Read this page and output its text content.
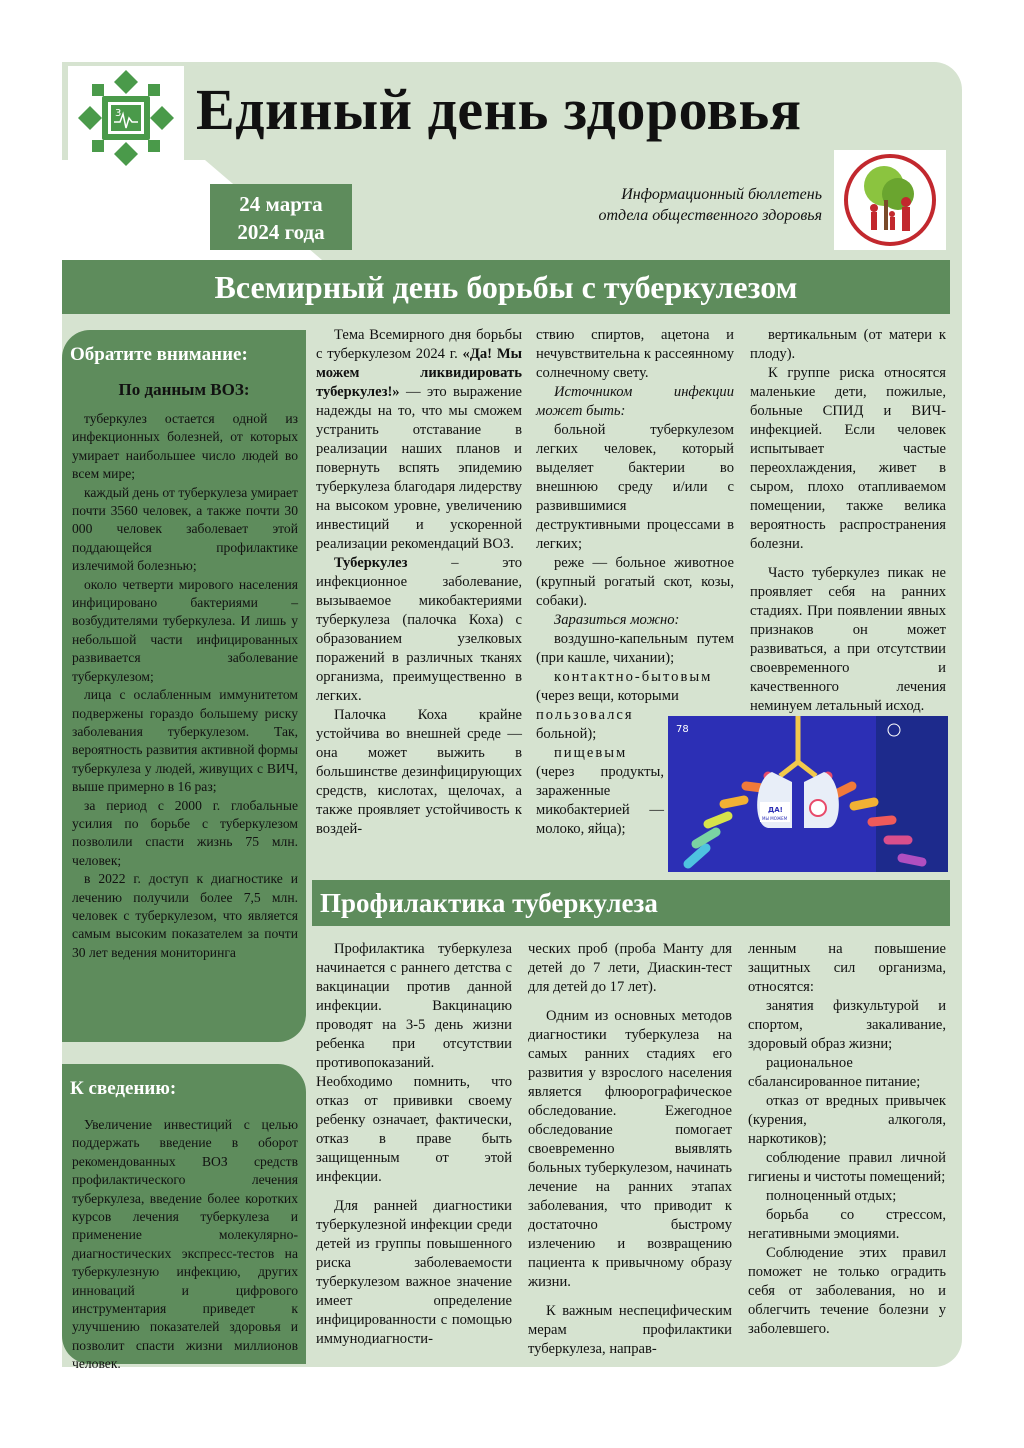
3 Единый день здоровья
24 марта
2024 года
Информационный бюллетень
отдела общественного здоровья
Всемирный день борьбы с туберкулезом
Обратите внимание:
По данным ВОЗ:

туберкулез остается одной из инфекционных болезней, от которых умирает наибольшее число людей во всем мире;

каждый день от туберкулеза умирает почти 3560 человек, а также почти 30 000 человек заболевает этой поддающейся профилактике излечимой болезнью;

около четверти мирового населения инфицировано бактериями – возбудителями туберкулеза. И лишь у небольшой части инфицированных развивается заболевание туберкулезом;

лица с ослабленным иммунитетом подвержены гораздо большему риску заболевания туберкулезом. Так, вероятность развития активной формы туберкулеза у людей, живущих с ВИЧ, выше примерно в 16 раз;

за период с 2000 г. глобальные усилия по борьбе с туберкулезом позволили спасти жизнь 75 млн. человек;

в 2022 г. доступ к диагностике и лечению получили более 7,5 млн. человек с туберкулезом, что является самым высоким показателем за почти 30 лет ведения мониторинга

К сведению:

Увеличение инвестиций с целью поддержать введение в оборот рекомендованных ВОЗ средств профилактического лечения туберкулеза, введение более коротких курсов лечения туберкулеза и применение молекулярно-диагностических экспресс-тестов на туберкулезную инфекцию, других инноваций и цифрового инструментария приведет к улучшению показателей здоровья и позволит спасти жизни миллионов человек.

Тема Всемирного дня борьбы с туберкулезом 2024 г. «Да! Мы можем ликвидировать туберкулез!» — это выражение надежды на то, что мы сможем устранить отставание в реализации наших планов и повернуть вспять эпидемию туберкулеза благодаря лидерству на высоком уровне, увеличению инвестиций и ускоренной реализации рекомендаций ВОЗ.

Туберкулез – это инфекционное заболевание, вызываемое микобактериями туберкулеза (палочка Коха) с образованием узелковых поражений в различных тканях организма, преимущественно в легких.

Палочка Коха крайне устойчива во внешней среде — она может выжить в большинстве дезинфицирующих средств, кислотах, щелочах, а также проявляет устойчивость к воздей-

ствию спиртов, ацетона и нечувствительна к рассеянному солнечному свету.

Источником инфекции может быть:

больной туберкулезом легких человек, который выделяет бактерии во внешнюю среду и/или с развившимися деструктивными процессами в легких;

реже — больное животное (крупный рогатый скот, козы, собаки).

Заразиться можно:

воздушно-капельным путем (при кашле, чихании);

контактно-бытовым
(через вещи, которыми
пользовался
больной);

пищевым (через продукты, зараженные микобактерией — молоко, яйца);

вертикальным (от матери к плоду).

К группе риска относятся маленькие дети, пожилые, больные СПИД и ВИЧ-инфекцией. Если человек испытывает частые переохлаждения, живет в сыром, плохо отапливаемом помещении, также велика вероятность распространения болезни.

Часто туберкулез пикак не проявляет себя на ранних стадиях. При появлении явных признаков он может развиваться, а при отсутствии своевременного и качественного лечения неминуем летальный исход.

ДА!
МЫ МОЖЕМ
78
Профилактика туберкулеза

Профилактика туберкулеза начинается с раннего детства с вакцинации против данной инфекции. Вакцинацию проводят на 3-5 день жизни ребенка при отсутствии противопоказаний. Необходимо помнить, что отказ от прививки своему ребенку означает, фактически, отказ в праве быть защищенным от этой инфекции.

Для ранней диагностики туберкулезной инфекции среди детей из группы повышенного риска заболеваемости туберкулезом важное значение имеет определение инфицированности с помощью иммунодиагности-

ческих проб (проба Манту для детей до 7 лети, Диаскин-тест для детей до 17 лет).

Одним из основных методов диагностики туберкулеза на самых ранних стадиях его развития у взрослого населения является флюорографическое обследование. Ежегодное обследование помогает своевременно выявлять больных туберкулезом, начинать лечение на ранних этапах заболевания, что приводит к достаточно быстрому излечению и возвращению пациента к привычному образу жизни.

К важным неспецифическим мерам профилактики туберкулеза, направ-

ленным на повышение защитных сил организма, относятся:

занятия физкультурой и спортом, закаливание, здоровый образ жизни;

рациональное сбалансированное питание;

отказ от вредных привычек (курения, алкоголя, наркотиков);

соблюдение правил личной гигиены и чистоты помещений;

полноценный отдых;

борьба со стрессом, негативными эмоциями.

Соблюдение этих правил поможет не только оградить себя от заболевания, но и облегчить течение болезни у заболевшего.
